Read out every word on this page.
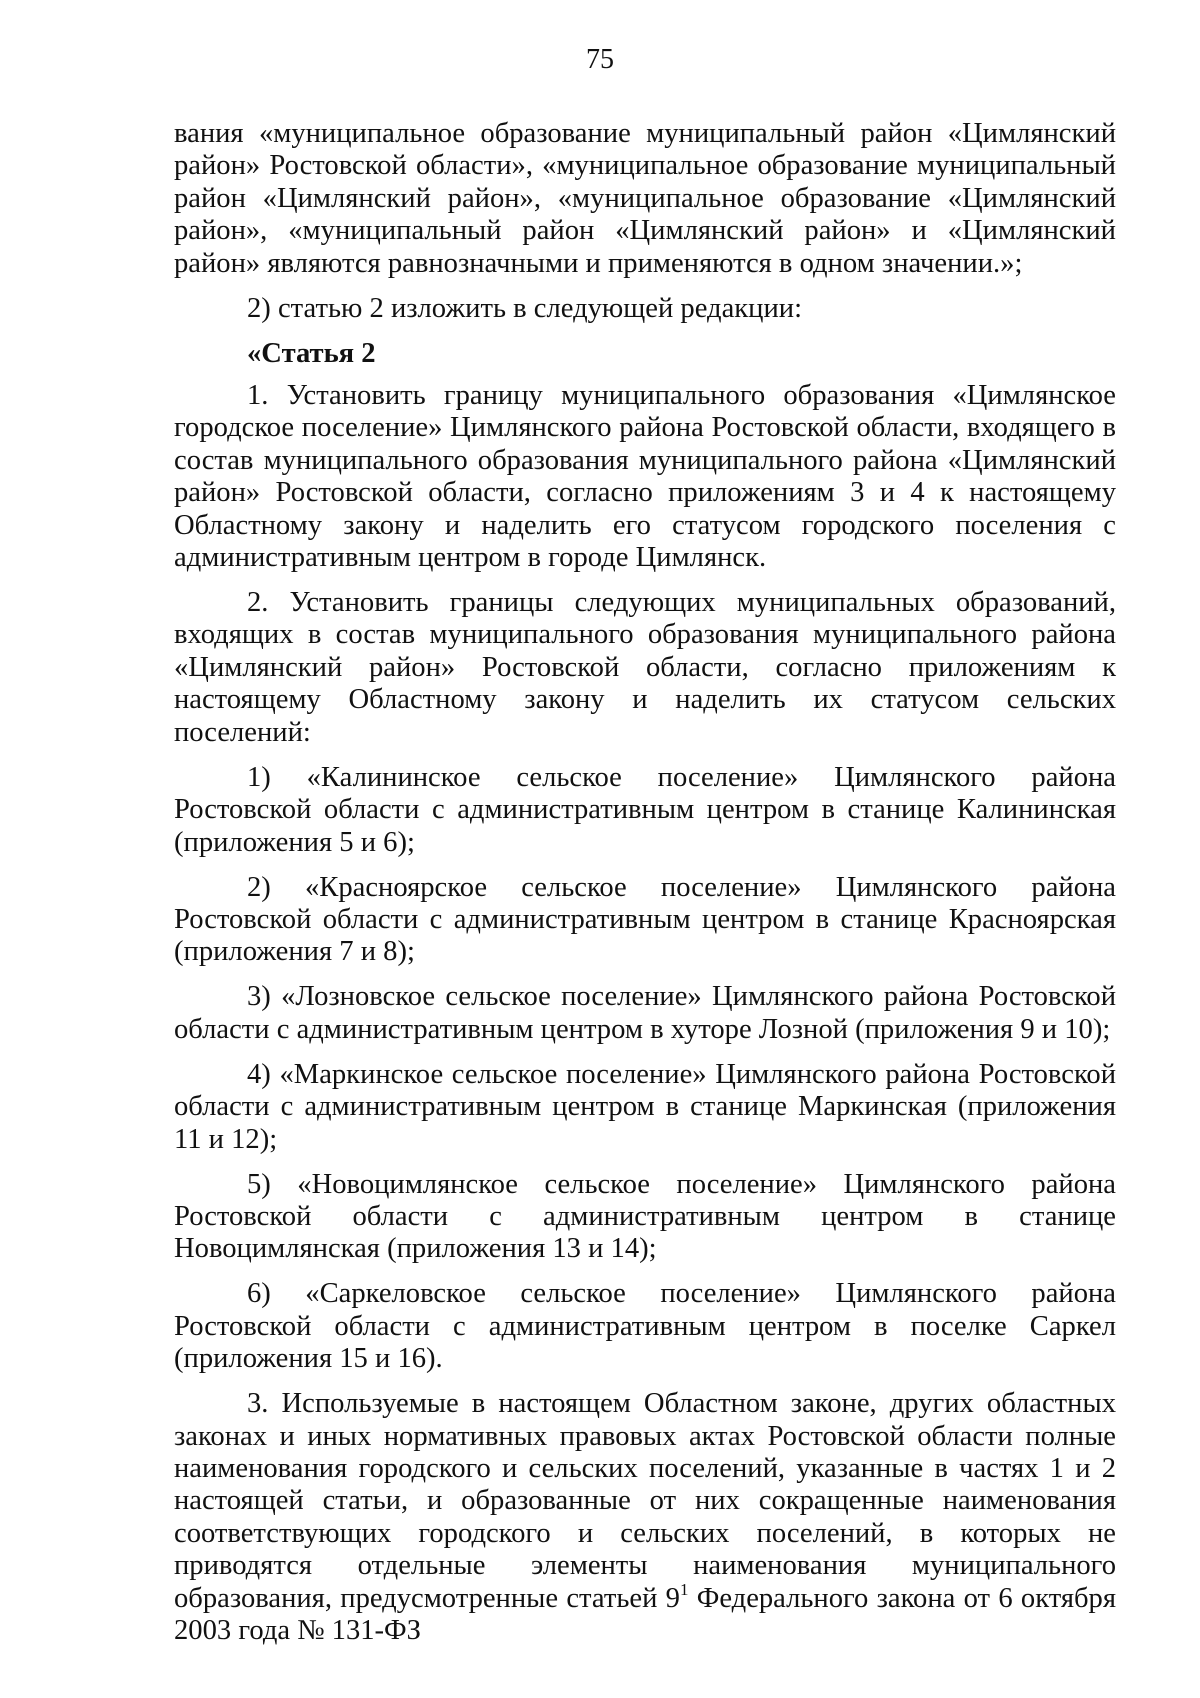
75

вания «муниципальное образование муниципальный район «Цимлянский район» Ростовской области», «муниципальное образование муниципальный район «Цимлянский район», «муниципальное образование «Цимлянский район», «муниципальный район «Цимлянский район» и «Цимлянский район» являются равнозначными и применяются в одном значении.»;

2) статью 2 изложить в следующей редакции:

«Статья 2

1. Установить границу муниципального образования «Цимлянское городское поселение» Цимлянского района Ростовской области, входящего в состав муниципального образования муниципального района «Цимлянский район» Ростовской области, согласно приложениям 3 и 4 к настоящему Областному закону и наделить его статусом городского поселения с административным центром в городе Цимлянск.

2. Установить границы следующих муниципальных образований, входящих в состав муниципального образования муниципального района «Цимлянский район» Ростовской области, согласно приложениям к настоящему Областному закону и наделить их статусом сельских поселений:

1) «Калининское сельское поселение» Цимлянского района Ростовской области с административным центром в станице Калининская (приложения 5 и 6);

2) «Красноярское сельское поселение» Цимлянского района Ростовской области с административным центром в станице Красноярская (приложения 7 и 8);

3) «Лозновское сельское поселение» Цимлянского района Ростовской области с административным центром в хуторе Лозной (приложения 9 и 10);

4) «Маркинское сельское поселение» Цимлянского района Ростовской области с административным центром в станице Маркинская (приложения 11 и 12);

5) «Новоцимлянское сельское поселение» Цимлянского района Ростовской области с административным центром в станице Новоцимлянская (приложения 13 и 14);

6) «Саркеловское сельское поселение» Цимлянского района Ростовской области с административным центром в поселке Саркел (приложения 15 и 16).

3. Используемые в настоящем Областном законе, других областных законах и иных нормативных правовых актах Ростовской области полные наименования городского и сельских поселений, указанные в частях 1 и 2 настоящей статьи, и образованные от них сокращенные наименования соответствующих городского и сельских поселений, в которых не приводятся отдельные элементы наименования муниципального образования, предусмотренные статьей $9^1$ Федерального закона от 6 октября 2003 года № 131-ФЗ
